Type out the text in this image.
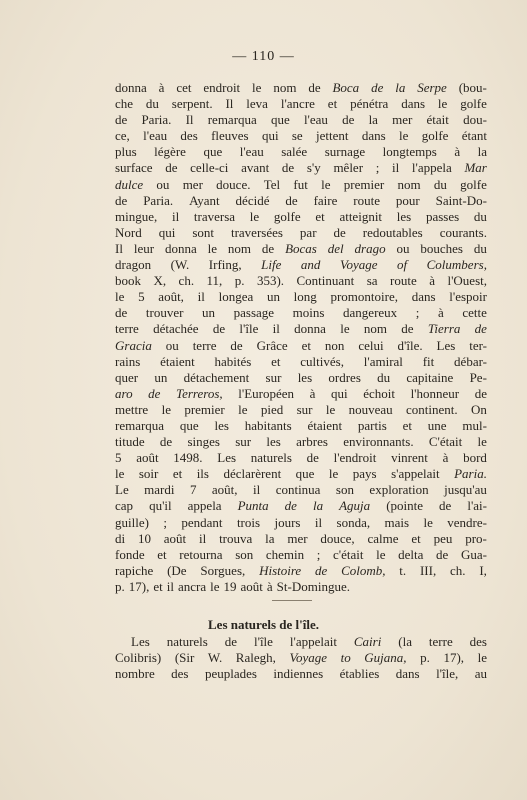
— 110 —
donna à cet endroit le nom de Boca de la Serpe (bou-
che du serpent. Il leva l'ancre et pénétra dans le golfe
de Paria. Il remarqua que l'eau de la mer était dou-
ce, l'eau des fleuves qui se jettent dans le golfe étant
plus légère que l'eau salée surnage longtemps à la
surface de celle-ci avant de s'y mêler ; il l'appela Mar
dulce ou mer douce. Tel fut le premier nom du golfe
de Paria. Ayant décidé de faire route pour Saint-Do-
mingue, il traversa le golfe et atteignit les passes du
Nord qui sont traversées par de redoutables courants.
Il leur donna le nom de Bocas del drago ou bouches du
dragon (W. Irfing, Life and Voyage of Columbers,
book X, ch. 11, p. 353). Continuant sa route à l'Ouest,
le 5 août, il longea un long promontoire, dans l'espoir
de trouver un passage moins dangereux ; à cette
terre détachée de l'île il donna le nom de Tierra de
Gracia ou terre de Grâce et non celui d'île. Les ter-
rains étaient habités et cultivés, l'amiral fit débar-
quer un détachement sur les ordres du capitaine Pe-
aro de Terreros, l'Européen à qui échoit l'honneur de
mettre le premier le pied sur le nouveau continent. On
remarqua que les habitants étaient partis et une mul-
titude de singes sur les arbres environnants. C'était le
5 août 1498. Les naturels de l'endroit vinrent à bord
le soir et ils déclarèrent que le pays s'appelait Paria.
Le mardi 7 août, il continua son exploration jusqu'au
cap qu'il appela Punta de la Aguja (pointe de l'ai-
guille) ; pendant trois jours il sonda, mais le vendre-
di 10 août il trouva la mer douce, calme et peu pro-
fonde et retourna son chemin ; c'était le delta de Gua-
rapiche (De Sorgues, Histoire de Colomb, t. III, ch. I,
p. 17), et il ancra le 19 août à St-Domingue.
Les naturels de l'île.
Les naturels de l'île l'appelait Cairi (la terre des
Colibris) (Sir W. Ralegh, Voyage to Gujana, p. 17), le
nombre des peuplades indiennes établies dans l'île, au
